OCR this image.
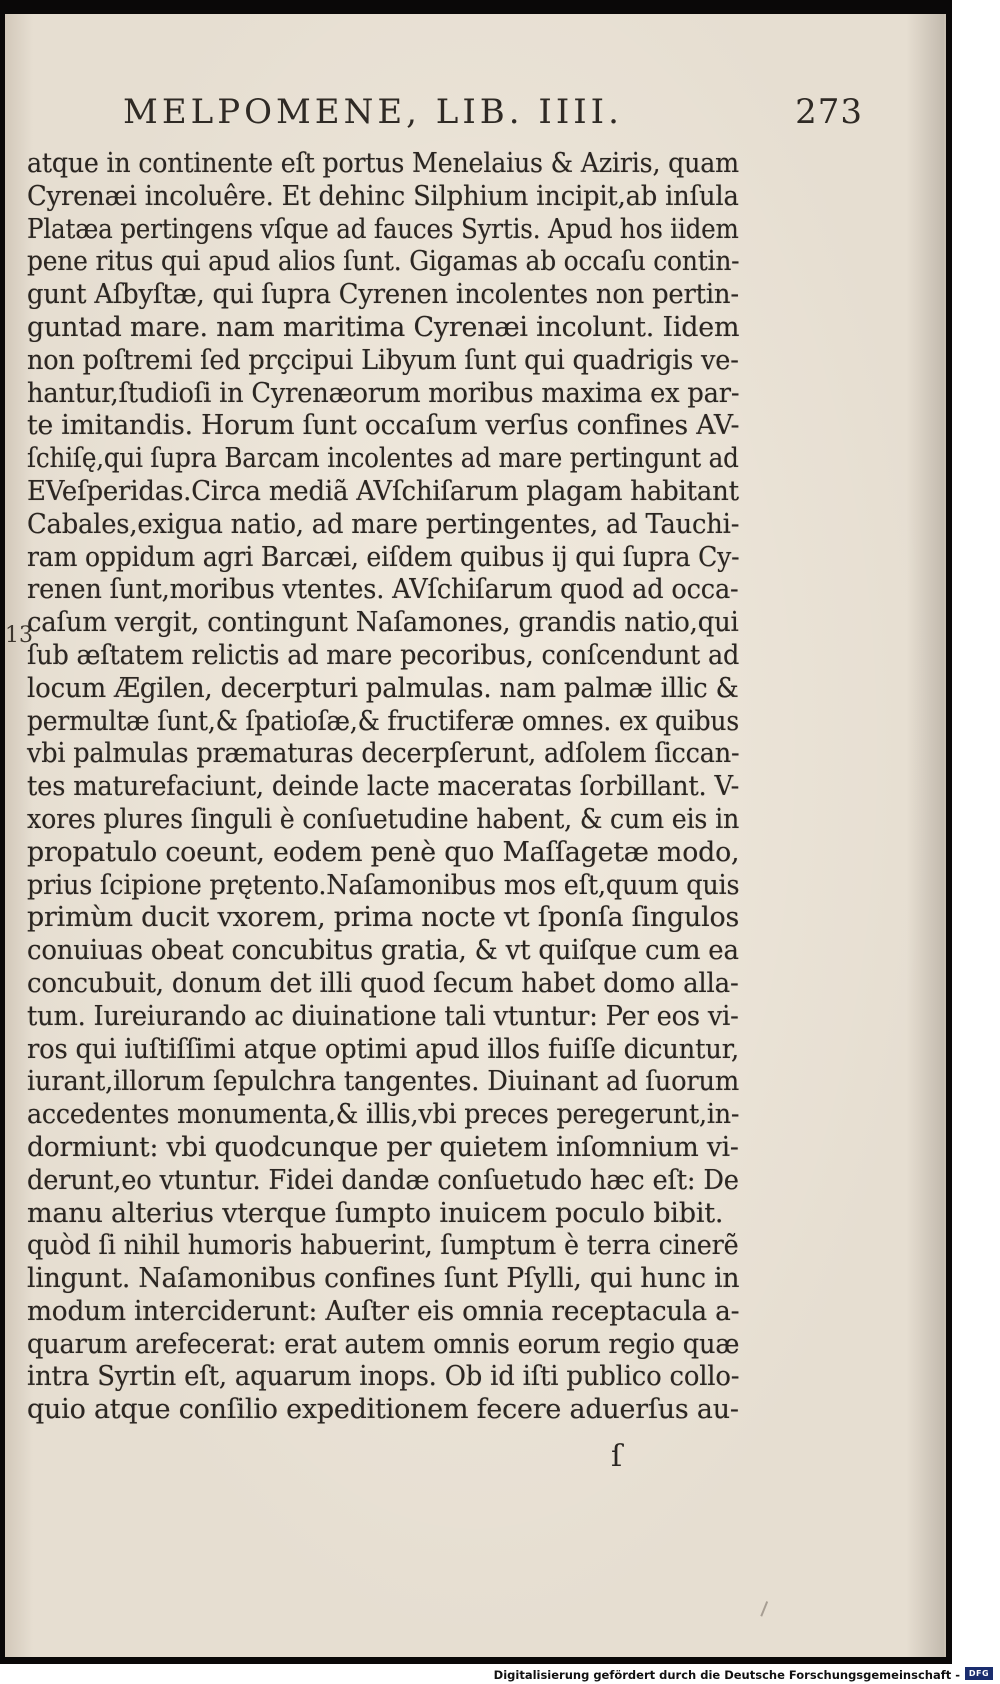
13
MELPOMENE, LIB. IIII.	273
atque in continente eſt portus Menelaius & Aziris, quam
Cyrenæi incoluêre. Et dehinc Silphium incipit,ab inſula
Platæa pertingens vſque ad fauces Syrtis. Apud hos iidem
pene ritus qui apud alios ſunt. Gigamas ab occaſu contin-
gunt Aſbyſtæ, qui ſupra Cyrenen incolentes non pertin-
guntad mare. nam maritima Cyrenæi incolunt. Iidem
non poſtremi ſed prçcipui Libyum ſunt qui quadrigis ve-
hantur,ſtudioſi in Cyrenæorum moribus maxima ex par-
te imitandis. Horum ſunt occaſum verſus confines AV-
ſchiſę,qui ſupra Barcam incolentes ad mare pertingunt ad
EVeſperidas.Circa mediã AVſchiſarum plagam habitant
Cabales,exigua natio, ad mare pertingentes, ad Tauchi-
ram oppidum agri Barcæi, eiſdem quibus ij qui ſupra Cy-
renen ſunt,moribus vtentes. AVſchiſarum quod ad occa-
caſum vergit, contingunt Naſamones, grandis natio,qui
ſub æſtatem relictis ad mare pecoribus, conſcendunt ad
locum Ægilen, decerpturi palmulas. nam palmæ illic &
permultæ ſunt,& ſpatioſæ,& fructiferæ omnes. ex quibus
vbi palmulas præmaturas decerpſerunt, adſolem ſiccan-
tes maturefaciunt, deinde lacte maceratas ſorbillant. V-
xores plures ſinguli è conſuetudine habent, & cum eis in
propatulo coeunt, eodem penè quo Maſſagetæ modo,
prius ſcipione prętento.Naſamonibus mos eſt,quum quis
primùm ducit vxorem, prima nocte vt ſponſa ſingulos
conuiuas obeat concubitus gratia, & vt quiſque cum ea
concubuit, donum det illi quod ſecum habet domo alla-
tum. Iureiurando ac diuinatione tali vtuntur: Per eos vi-
ros qui iuſtiſſimi atque optimi apud illos fuiſſe dicuntur,
iurant,illorum ſepulchra tangentes. Diuinant ad ſuorum
accedentes monumenta,& illis,vbi preces peregerunt,in-
dormiunt: vbi quodcunque per quietem inſomnium vi-
derunt,eo vtuntur. Fidei dandæ conſuetudo hæc eſt: De
manu alterius vterque ſumpto inuicem poculo bibit.
quòd ſi nihil humoris habuerint, ſumptum è terra cinerẽ
lingunt. Naſamonibus confines ſunt Pſylli, qui hunc in
modum interciderunt: Auſter eis omnia receptacula a-
quarum arefecerat: erat autem omnis eorum regio quæ
intra Syrtin eſt, aquarum inops. Ob id iſti publico collo-
quio atque conſilio expeditionem fecere aduerſus au-
ſ
Digitalisierung gefördert durch die Deutsche Forschungsgemeinschaft -	DFG
